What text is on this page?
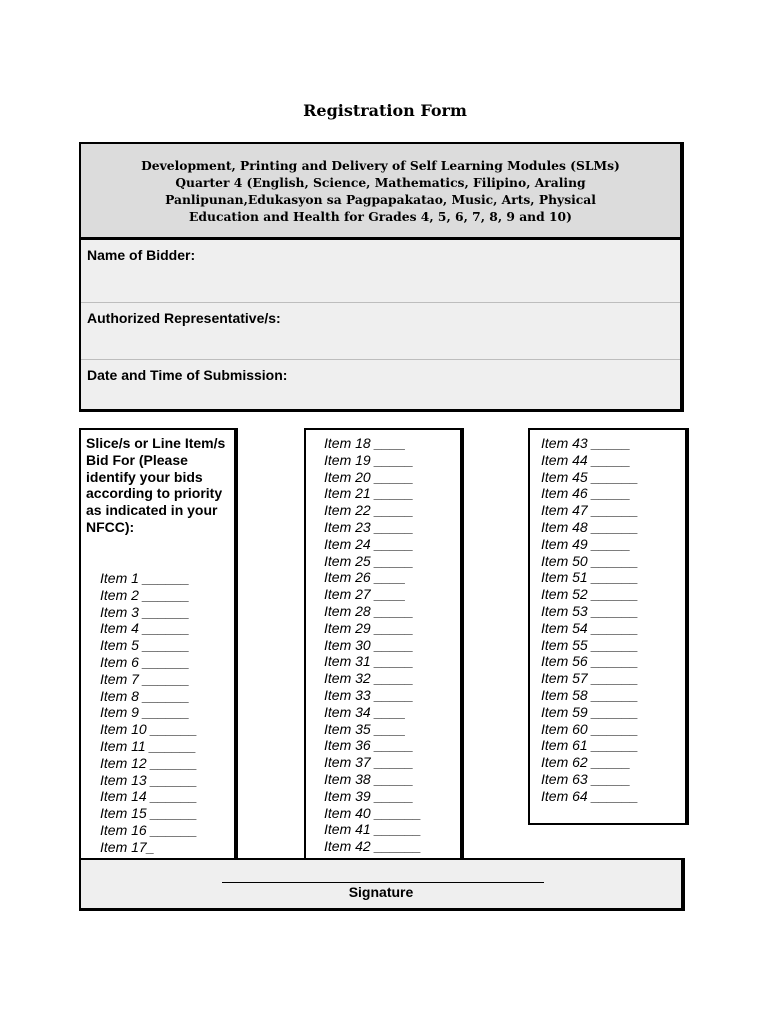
Registration Form
Development, Printing and Delivery of Self Learning Modules (SLMs)
Quarter 4 (English, Science, Mathematics, Filipino, Araling
Panlipunan,Edukasyon sa Pagpapakatao, Music, Arts, Physical
Education and Health for Grades 4, 5, 6, 7, 8, 9 and 10)
Name of Bidder:
Authorized Representative/s:
Date and Time of Submission:
Slice/s or Line Item/s Bid For (Please identify your bids according to priority as indicated in your NFCC):
Item 1 ______
Item 2 ______
Item 3 ______
Item 4 ______
Item 5 ______
Item 6 ______
Item 7 ______
Item 8 ______
Item 9 ______
Item 10 ______
Item 11 ______
Item 12 ______
Item 13 ______
Item 14 ______
Item 15 ______
Item 16 ______
Item 17_
Item 18 ____
Item 19 _____
Item 20 _____
Item 21 _____
Item 22 _____
Item 23 _____
Item 24 _____
Item 25 _____
Item 26 ____
Item 27 ____
Item 28 _____
Item 29 _____
Item 30 _____
Item 31 _____
Item 32 _____
Item 33 _____
Item 34 ____
Item 35 ____
Item 36 _____
Item 37 _____
Item 38 _____
Item 39 _____
Item 40 ______
Item 41 ______
Item 42 ______
Item 43 _____
Item 44 _____
Item 45 ______
Item 46 _____
Item 47 ______
Item 48 ______
Item 49 _____
Item 50 ______
Item 51 ______
Item 52 ______
Item 53 ______
Item 54 ______
Item 55 ______
Item 56 ______
Item 57 ______
Item 58 ______
Item 59 ______
Item 60 ______
Item 61 ______
Item 62 _____
Item 63 _____
Item 64 ______
Signature
